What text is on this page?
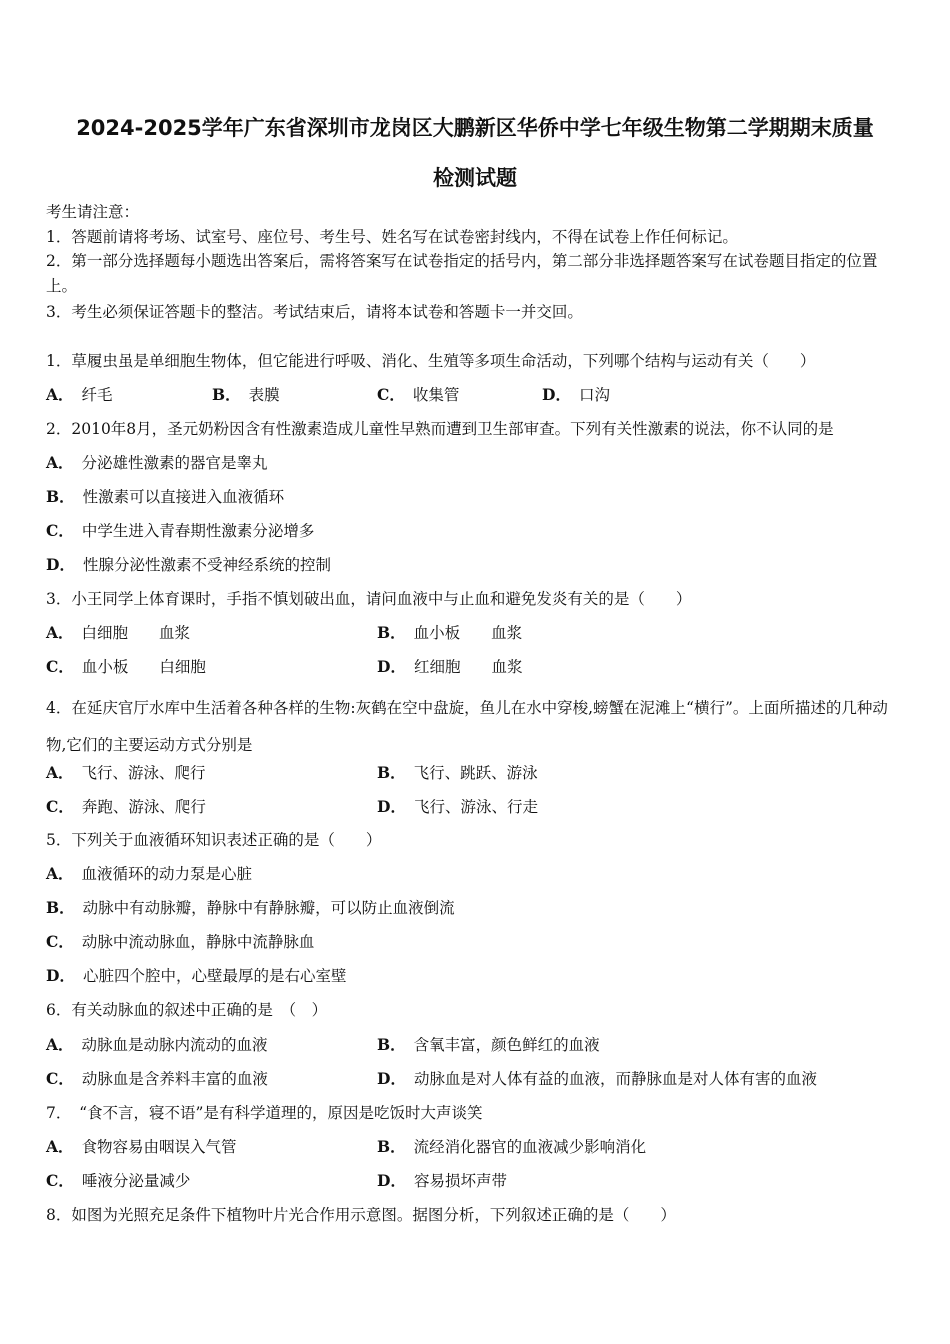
2024-2025学年广东省深圳市龙岗区大鹏新区华侨中学七年级生物第二学期期末质量
检测试题
考生请注意：
1．答题前请将考场、试室号、座位号、考生号、姓名写在试卷密封线内，不得在试卷上作任何标记。
2．第一部分选择题每小题选出答案后，需将答案写在试卷指定的括号内，第二部分非选择题答案写在试卷题目指定的位置上。
3．考生必须保证答题卡的整洁。考试结束后，请将本试卷和答题卡一并交回。
1．草履虫虽是单细胞生物体，但它能进行呼吸、消化、生殖等多项生命活动，下列哪个结构与运动有关（　　）
A． 纤毛	B． 表膜	C． 收集管	D． 口沟
2．2010年8月，圣元奶粉因含有性激素造成儿童性早熟而遭到卫生部审查。下列有关性激素的说法，你不认同的是
A． 分泌雄性激素的器官是睾丸
B． 性激素可以直接进入血液循环
C． 中学生进入青春期性激素分泌增多
D． 性腺分泌性激素不受神经系统的控制
3．小王同学上体育课时，手指不慎划破出血，请问血液中与止血和避免发炎有关的是（　　）
A． 白细胞　　血浆	B． 血小板　　血浆
C． 血小板　　白细胞	D． 红细胞　　血浆
4．在延庆官厅水库中生活着各种各样的生物:灰鹤在空中盘旋，鱼儿在水中穿梭,螃蟹在泥滩上“横行”。上面所描述的几种动物,它们的主要运动方式分别是
A． 飞行、游泳、爬行	B． 飞行、跳跃、游泳
C． 奔跑、游泳、爬行	D． 飞行、游泳、行走
5．下列关于血液循环知识表述正确的是（　　）
A． 血液循环的动力泵是心脏
B． 动脉中有动脉瓣，静脉中有静脉瓣，可以防止血液倒流
C． 动脉中流动脉血，静脉中流静脉血
D． 心脏四个腔中，心壁最厚的是右心室壁
6．有关动脉血的叙述中正确的是　（　）
A． 动脉血是动脉内流动的血液	B． 含氧丰富，颜色鲜红的血液
C． 动脉血是含养料丰富的血液	D． 动脉血是对人体有益的血液，而静脉血是对人体有害的血液
7．　“食不言，寝不语”是有科学道理的，原因是吃饭时大声谈笑
A． 食物容易由咽误入气管	B． 流经消化器官的血液减少影响消化
C． 唾液分泌量减少	D． 容易损坏声带
8．如图为光照充足条件下植物叶片光合作用示意图。据图分析，下列叙述正确的是（　　）
